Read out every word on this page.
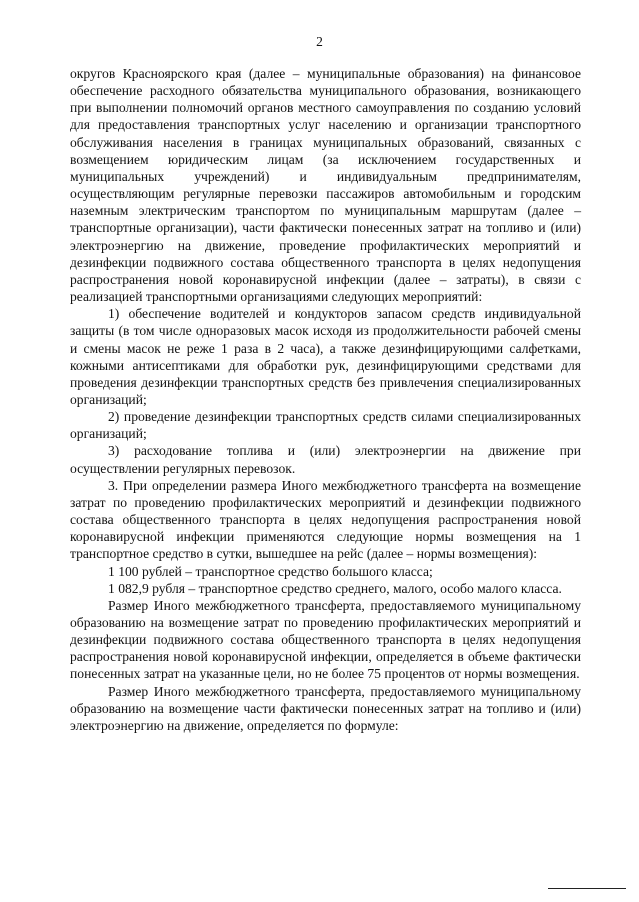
2

округов Красноярского края (далее – муниципальные образования) на финансовое обеспечение расходного обязательства муниципального образования, возникающего при выполнении полномочий органов местного самоуправления по созданию условий для предоставления транспортных услуг населению и организации транспортного обслуживания населения в границах муниципальных образований, связанных с возмещением юридическим лицам (за исключением государственных и муниципальных учреждений) и индивидуальным предпринимателям, осуществляющим регулярные перевозки пассажиров автомобильным и городским наземным электрическим транспортом по муниципальным маршрутам (далее – транспортные организации), части фактически понесенных затрат на топливо и (или) электроэнергию на движение, проведение профилактических мероприятий и дезинфекции подвижного состава общественного транспорта в целях недопущения распространения новой коронавирусной инфекции (далее – затраты), в связи с реализацией транспортными организациями следующих мероприятий:

1) обеспечение водителей и кондукторов запасом средств индивидуальной защиты (в том числе одноразовых масок исходя из продолжительности рабочей смены и смены масок не реже 1 раза в 2 часа), а также дезинфицирующими салфетками, кожными антисептиками для обработки рук, дезинфицирующими средствами для проведения дезинфекции транспортных средств без привлечения специализированных организаций;

2) проведение дезинфекции транспортных средств силами специализированных организаций;

3) расходование топлива и (или) электроэнергии на движение при осуществлении регулярных перевозок.

3. При определении размера Иного межбюджетного трансферта на возмещение затрат по проведению профилактических мероприятий и дезинфекции подвижного состава общественного транспорта в целях недопущения распространения новой коронавирусной инфекции применяются следующие нормы возмещения на 1 транспортное средство в сутки, вышедшее на рейс (далее – нормы возмещения):

1 100 рублей – транспортное средство большого класса;

1 082,9 рубля – транспортное средство среднего, малого, особо малого класса.

Размер Иного межбюджетного трансферта, предоставляемого муниципальному образованию на возмещение затрат по проведению профилактических мероприятий и дезинфекции подвижного состава общественного транспорта в целях недопущения распространения новой коронавирусной инфекции, определяется в объеме фактически понесенных затрат на указанные цели, но не более 75 процентов от нормы возмещения.

Размер Иного межбюджетного трансферта, предоставляемого муниципальному образованию на возмещение части фактически понесенных затрат на топливо и (или) электроэнергию на движение, определяется по формуле:
